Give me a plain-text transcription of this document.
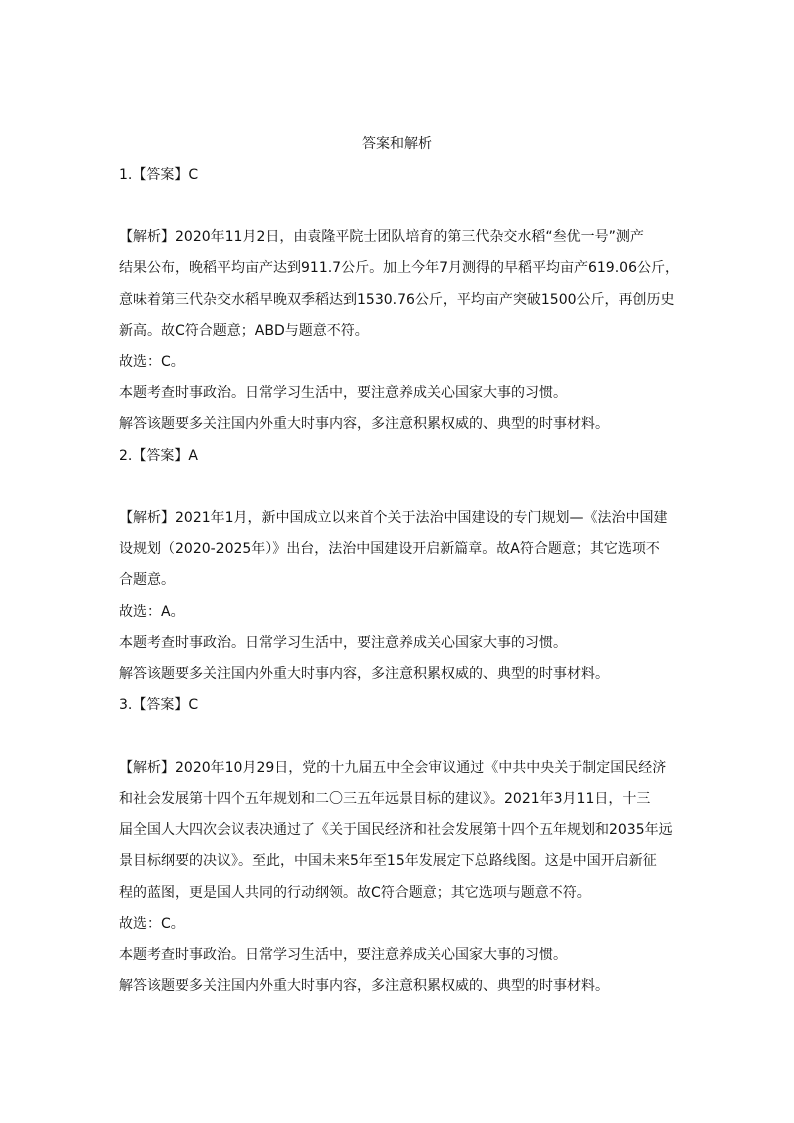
答案和解析
1.【答案】C
【解析】2020年11月2日，由袁隆平院士团队培育的第三代杂交水稻“叁优一号”测产
结果公布，晚稻平均亩产达到911.7公斤。加上今年7月测得的早稻平均亩产619.06公斤，
意味着第三代杂交水稻早晚双季稻达到1530.76公斤，平均亩产突破1500公斤，再创历史
新高。故C符合题意；ABD与题意不符。
故选：C。
本题考查时事政治。日常学习生活中，要注意养成关心国家大事的习惯。
解答该题要多关注国内外重大时事内容，多注意积累权威的、典型的时事材料。
2.【答案】A
【解析】2021年1月，新中国成立以来首个关于法治中国建设的专门规划—《法治中国建
设规划（2020-2025年）》出台，法治中国建设开启新篇章。故A符合题意；其它选项不
合题意。
故选：A。
本题考查时事政治。日常学习生活中，要注意养成关心国家大事的习惯。
解答该题要多关注国内外重大时事内容，多注意积累权威的、典型的时事材料。
3.【答案】C
【解析】2020年10月29日，党的十九届五中全会审议通过《中共中央关于制定国民经济
和社会发展第十四个五年规划和二〇三五年远景目标的建议》。2021年3月11日，十三
届全国人大四次会议表决通过了《关于国民经济和社会发展第十四个五年规划和2035年远
景目标纲要的决议》。至此，中国未来5年至15年发展定下总路线图。这是中国开启新征
程的蓝图，更是国人共同的行动纲领。故C符合题意；其它选项与题意不符。
故选：C。
本题考查时事政治。日常学习生活中，要注意养成关心国家大事的习惯。
解答该题要多关注国内外重大时事内容，多注意积累权威的、典型的时事材料。
